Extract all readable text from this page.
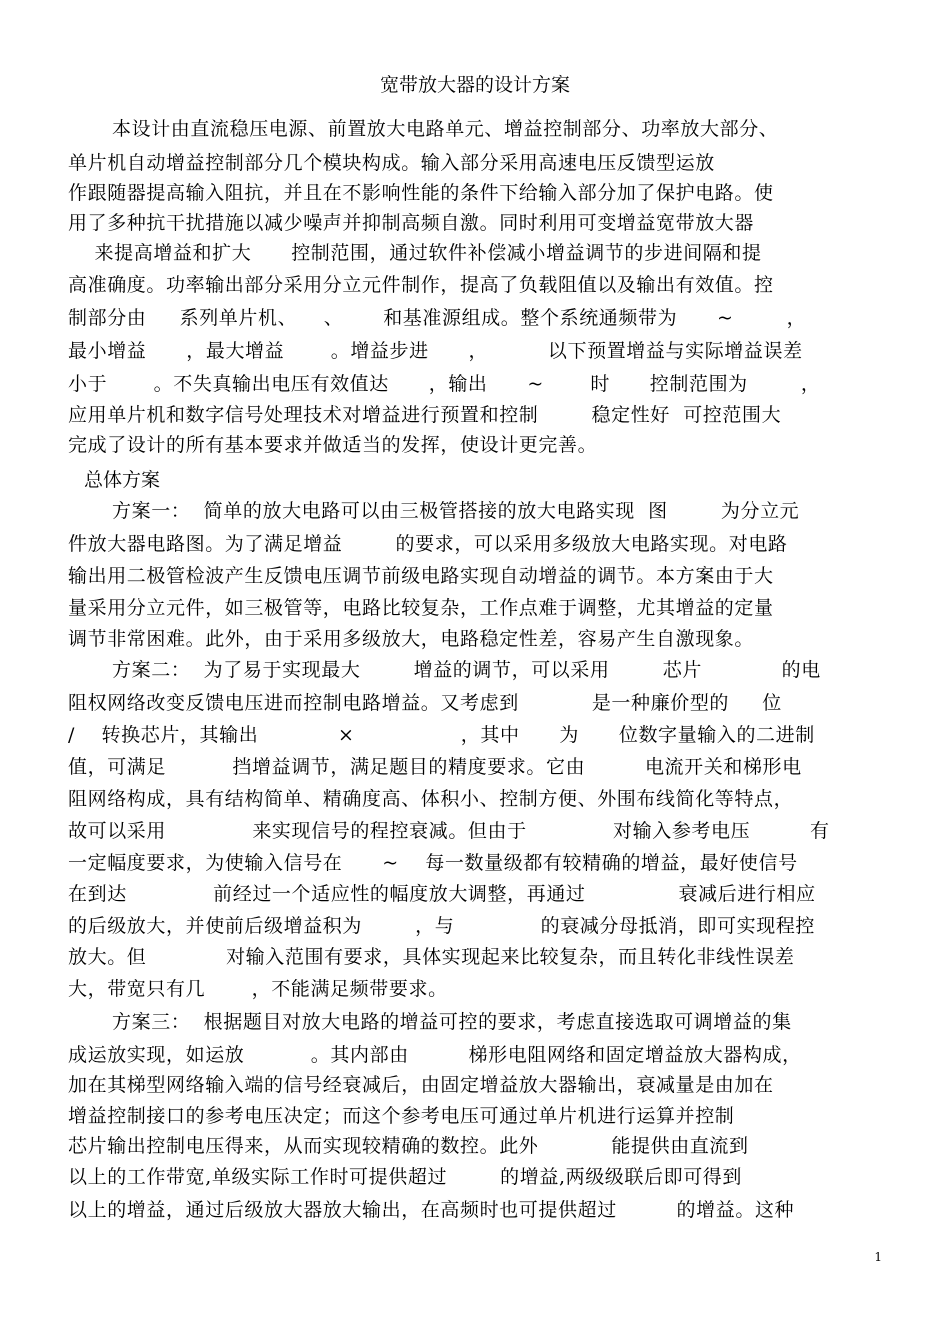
宽带放大器的设计方案
本设计由直流稳压电源、前置放大电路单元、增益控制部分、功率放大部分、
单片机自动增益控制部分几个模块构成。输入部分采用高速电压反馈型运放
作跟随器提高输入阻抗，并且在不影响性能的条件下给输入部分加了保护电路。使
用了多种抗干扰措施以减少噪声并抑制高频自激。同时利用可变增益宽带放大器
来提高增益和扩大      控制范围，通过软件补偿减小增益调节的步进间隔和提
高准确度。功率输出部分采用分立元件制作，提高了负载阻值以及输出有效值。控
制部分由     系列单片机、    、      和基准源组成。整个系统通频带为      ~        ，
最小增益      ，最大增益       。增益步进      ，         以下预置增益与实际增益误差
小于       。不失真输出电压有效值达      ，输出      ~       时      控制范围为        ，
应用单片机和数字信号处理技术对增益进行预置和控制        稳定性好  可控范围大
完成了设计的所有基本要求并做适当的发挥，使设计更完善。
总体方案
方案一：  简单的放大电路可以由三极管搭接的放大电路实现  图        为分立元
件放大器电路图。为了满足增益        的要求，可以采用多级放大电路实现。对电路
输出用二极管检波产生反馈电压调节前级电路实现自动增益的调节。本方案由于大
量采用分立元件，如三极管等，电路比较复杂，工作点难于调整，尤其增益的定量
调节非常困难。此外，由于采用多级放大，电路稳定性差，容易产生自激现象。
方案二：  为了易于实现最大        增益的调节，可以采用        芯片            的电
阻权网络改变反馈电压进而控制电路增益。又考虑到           是一种廉价型的     位
/    转换芯片，其输出            ×                ，其中      为      位数字量输入的二进制
值，可满足          挡增益调节，满足题目的精度要求。它由         电流开关和梯形电
阻网络构成，具有结构简单、精确度高、体积小、控制方便、外围布线简化等特点，
故可以采用             来实现信号的程控衰减。但由于             对输入参考电压         有
一定幅度要求，为使输入信号在      ~    每一数量级都有较精确的增益，最好使信号
在到达             前经过一个适应性的幅度放大调整，再通过              衰减后进行相应
的后级放大，并使前后级增益积为        ，与             的衰减分母抵消，即可实现程控
放大。但            对输入范围有要求，具体实现起来比较复杂，而且转化非线性误差
大，带宽只有几       ，不能满足频带要求。
方案三：  根据题目对放大电路的增益可控的要求，考虑直接选取可调增益的集
成运放实现，如运放          。其内部由         梯形电阻网络和固定增益放大器构成，
加在其梯型网络输入端的信号经衰减后，由固定增益放大器输出，衰减量是由加在
增益控制接口的参考电压决定；而这个参考电压可通过单片机进行运算并控制
芯片输出控制电压得来，从而实现较精确的数控。此外           能提供由直流到
以上的工作带宽,单级实际工作时可提供超过        的增益,两级级联后即可得到
以上的增益，通过后级放大器放大输出，在高频时也可提供超过         的增益。这种
1
